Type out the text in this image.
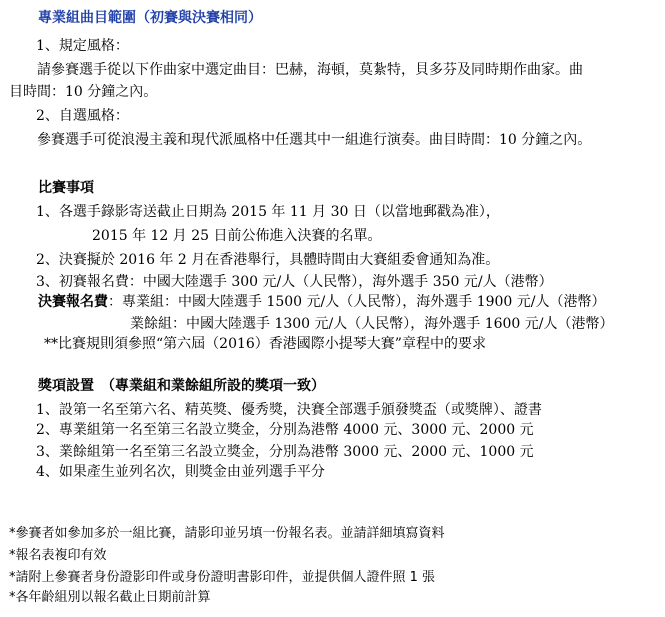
專業組曲目範圍（初賽與決賽相同）
1、規定風格：
請參賽選手從以下作曲家中選定曲目：巴赫，海頓，莫紮特，貝多芬及同時期作曲家。曲
目時間：10 分鐘之內。
2、自選風格：
參賽選手可從浪漫主義和現代派風格中任選其中一組進行演奏。曲目時間：10 分鐘之內。
比賽事項
1、各選手錄影寄送截止日期為 2015 年 11 月 30 日（以當地郵戳為准），
2015 年 12 月 25 日前公佈進入決賽的名單。
2、決賽擬於 2016 年 2 月在香港舉行，具體時間由大賽組委會通知為准。
3、初賽報名費：中國大陸選手 300 元/人（人民幣），海外選手 350 元/人（港幣）
決賽報名費：專業組：中國大陸選手 1500 元/人（人民幣），海外選手 1900 元/人（港幣）
業餘組：中國大陸選手 1300 元/人（人民幣），海外選手 1600 元/人（港幣）
**比賽規則須參照“第六屆（2016）香港國際小提琴大賽”章程中的要求
獎項設置　（專業組和業餘組所設的獎項一致）
1、設第一名至第六名、精英獎、優秀獎，決賽全部選手頒發獎盃（或獎牌）、證書
2、專業組第一名至第三名設立獎金，分別為港幣 4000 元、3000 元、2000 元
3、業餘組第一名至第三名設立獎金，分別為港幣 3000 元、2000 元、1000 元
4、如果產生並列名次，則獎金由並列選手平分
*參賽者如參加多於一組比賽，請影印並另填一份報名表。並請詳細填寫資料
*報名表複印有效
*請附上參賽者身份證影印件或身份證明書影印件，並提供個人證件照 1 張
*各年齡組別以報名截止日期前計算
